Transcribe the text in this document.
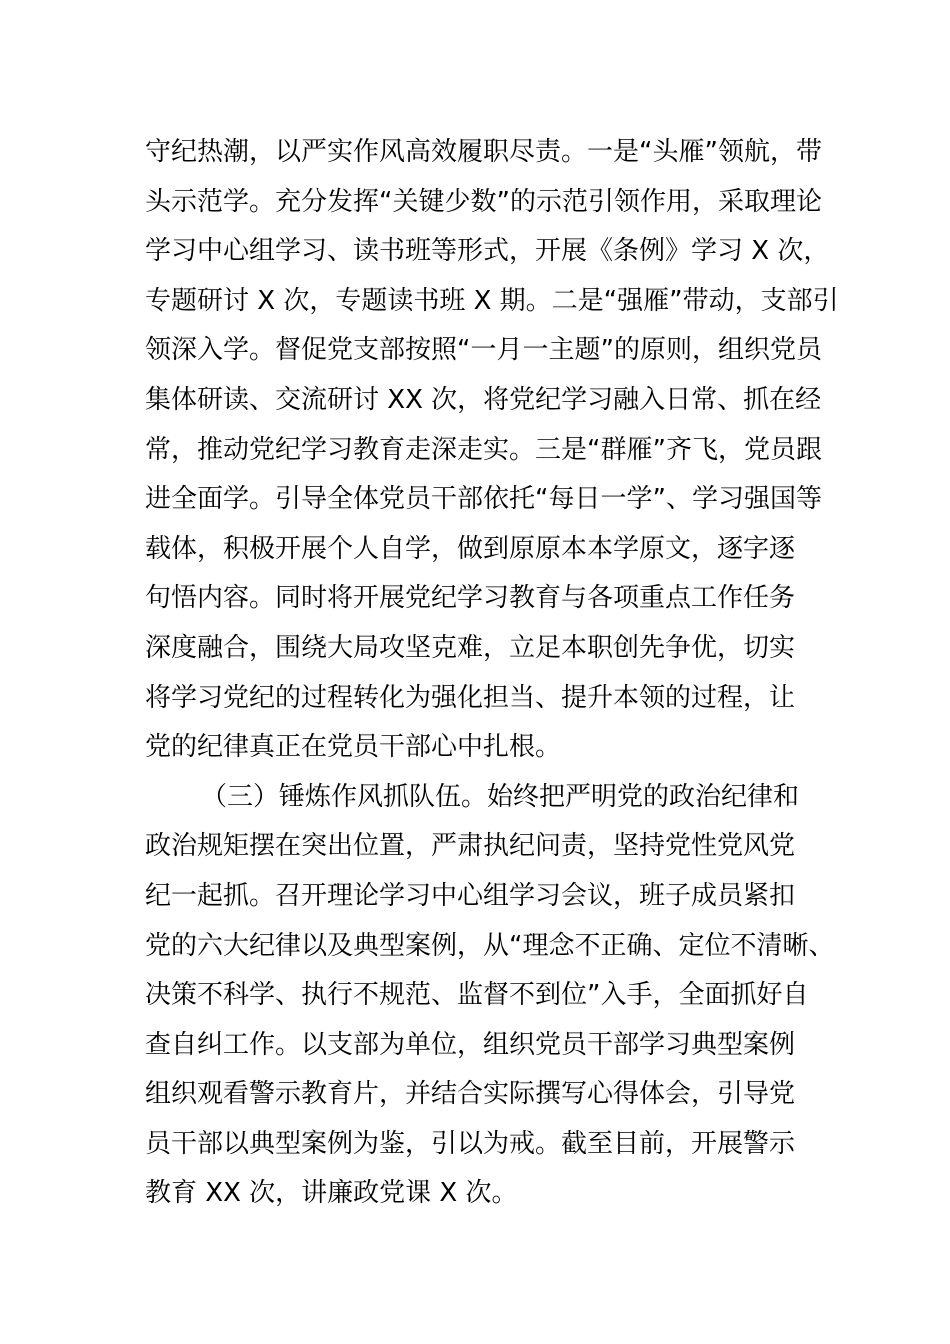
守纪热潮，以严实作风高效履职尽责。一是“头雁”领航，带
头示范学。充分发挥“关键少数”的示范引领作用，采取理论
学习中心组学习、读书班等形式，开展《条例》学习 X 次，
专题研讨 X 次，专题读书班 X 期。二是“强雁”带动，支部引
领深入学。督促党支部按照“一月一主题”的原则，组织党员
集体研读、交流研讨 XX 次，将党纪学习融入日常、抓在经
常，推动党纪学习教育走深走实。三是“群雁”齐飞，党员跟
进全面学。引导全体党员干部依托“每日一学”、学习强国等
载体，积极开展个人自学，做到原原本本学原文，逐字逐
句悟内容。同时将开展党纪学习教育与各项重点工作任务
深度融合，围绕大局攻坚克难，立足本职创先争优，切实
将学习党纪的过程转化为强化担当、提升本领的过程，让
党的纪律真正在党员干部心中扎根。
（三）锤炼作风抓队伍。始终把严明党的政治纪律和
政治规矩摆在突出位置，严肃执纪问责，坚持党性党风党
纪一起抓。召开理论学习中心组学习会议，班子成员紧扣
党的六大纪律以及典型案例，从“理念不正确、定位不清晰、
决策不科学、执行不规范、监督不到位”入手，全面抓好自
查自纠工作。以支部为单位，组织党员干部学习典型案例
组织观看警示教育片，并结合实际撰写心得体会，引导党
员干部以典型案例为鉴，引以为戒。截至目前，开展警示
教育 XX 次，讲廉政党课 X 次。
